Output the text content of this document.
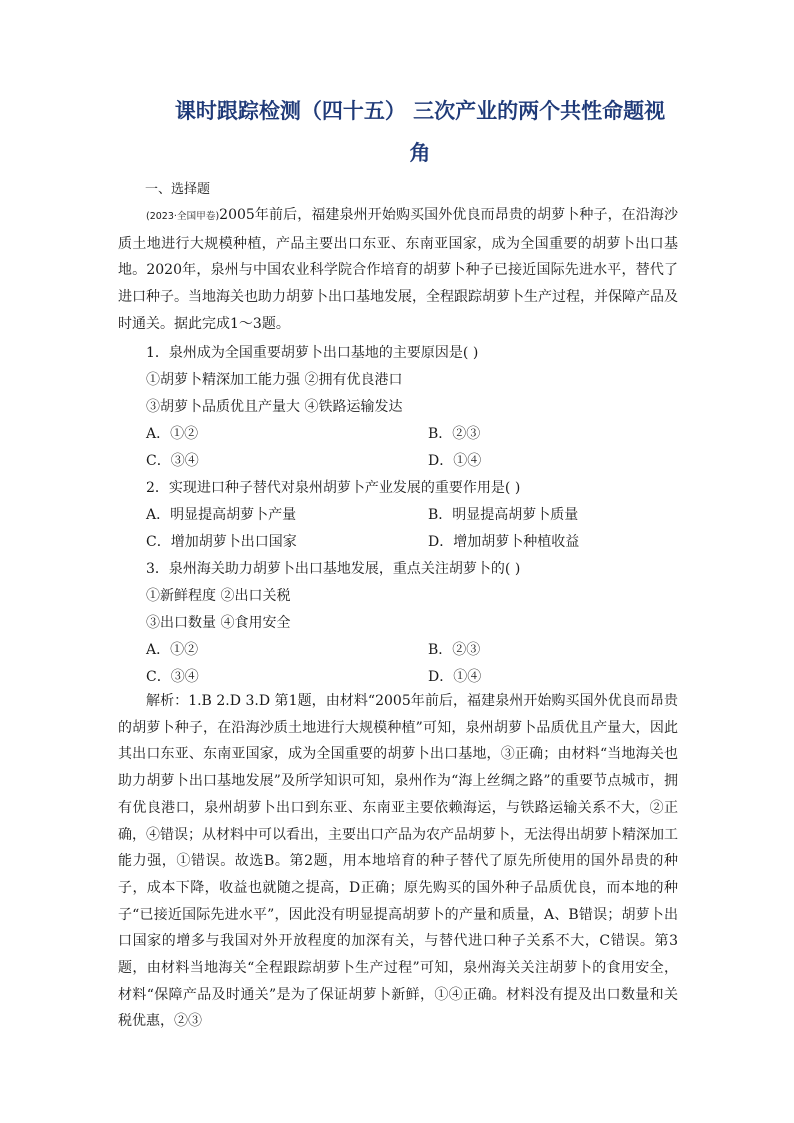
课时跟踪检测（四十五） 三次产业的两个共性命题视
角
一、选择题

(2023·全国甲卷)2005年前后，福建泉州开始购买国外优良而昂贵的胡萝卜种子，在沿海沙质土地进行大规模种植，产品主要出口东亚、东南亚国家，成为全国重要的胡萝卜出口基地。2020年，泉州与中国农业科学院合作培育的胡萝卜种子已接近国际先进水平，替代了进口种子。当地海关也助力胡萝卜出口基地发展，全程跟踪胡萝卜生产过程，并保障产品及时通关。据此完成1～3题。

1．泉州成为全国重要胡萝卜出口基地的主要原因是( )
①胡萝卜精深加工能力强 ②拥有优良港口
③胡萝卜品质优且产量大 ④铁路运输发达
A．①②	B．②③
C．③④	D．①④
2．实现进口种子替代对泉州胡萝卜产业发展的重要作用是( )
A．明显提高胡萝卜产量	B．明显提高胡萝卜质量
C．增加胡萝卜出口国家	D．增加胡萝卜种植收益
3．泉州海关助力胡萝卜出口基地发展，重点关注胡萝卜的( )
①新鲜程度 ②出口关税
③出口数量 ④食用安全
A．①②	B．②③
C．③④	D．①④

解析：1.B 2.D 3.D 第1题，由材料“2005年前后，福建泉州开始购买国外优良而昂贵的胡萝卜种子，在沿海沙质土地进行大规模种植”可知，泉州胡萝卜品质优且产量大，因此其出口东亚、东南亚国家，成为全国重要的胡萝卜出口基地，③正确；由材料“当地海关也助力胡萝卜出口基地发展”及所学知识可知，泉州作为“海上丝绸之路”的重要节点城市，拥有优良港口，泉州胡萝卜出口到东亚、东南亚主要依赖海运，与铁路运输关系不大，②正确，④错误；从材料中可以看出，主要出口产品为农产品胡萝卜，无法得出胡萝卜精深加工能力强，①错误。故选B。第2题，用本地培育的种子替代了原先所使用的国外昂贵的种子，成本下降，收益也就随之提高，D正确；原先购买的国外种子品质优良，而本地的种子“已接近国际先进水平”，因此没有明显提高胡萝卜的产量和质量，A、B错误；胡萝卜出口国家的增多与我国对外开放程度的加深有关，与替代进口种子关系不大，C错误。第3题，由材料当地海关“全程跟踪胡萝卜生产过程”可知，泉州海关关注胡萝卜的食用安全，材料“保障产品及时通关”是为了保证胡萝卜新鲜，①④正确。材料没有提及出口数量和关税优惠，②③
